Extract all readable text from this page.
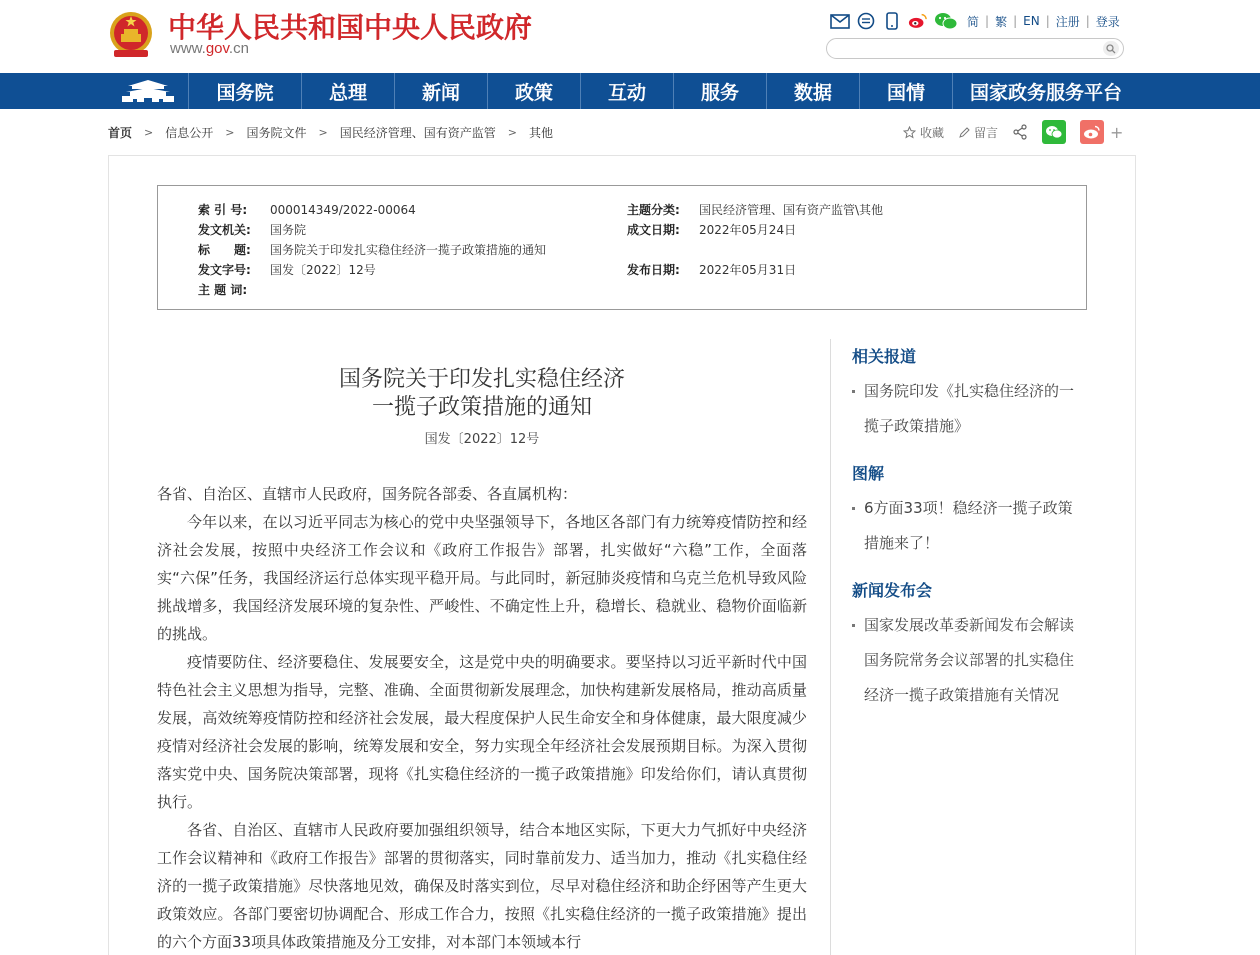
中华人民共和国中央人民政府
www.gov.cn
简 | 繁 | EN | 注册 | 登录
国务院	总理	新闻	政策	互动	服务	数据	国情	国家政务服务平台
首页 > 信息公开 > 国务院文件 > 国民经济管理、国有资产监管 > 其他	收藏	留言	+
索 引 号: 000014349/2022-00064	主题分类: 国民经济管理、国有资产监管\其他
发文机关: 国务院	成文日期: 2022年05月24日
标　　题: 国务院关于印发扎实稳住经济一揽子政策措施的通知
发文字号: 国发〔2022〕12号	发布日期: 2022年05月31日
主 题 词:
国务院关于印发扎实稳住经济
一揽子政策措施的通知
国发〔2022〕12号

各省、自治区、直辖市人民政府，国务院各部委、各直属机构：

今年以来，在以习近平同志为核心的党中央坚强领导下，各地区各部门有力统筹疫情防控和经济社会发展，按照中央经济工作会议和《政府工作报告》部署，扎实做好“六稳”工作，全面落实“六保”任务，我国经济运行总体实现平稳开局。与此同时，新冠肺炎疫情和乌克兰危机导致风险挑战增多，我国经济发展环境的复杂性、严峻性、不确定性上升，稳增长、稳就业、稳物价面临新的挑战。

疫情要防住、经济要稳住、发展要安全，这是党中央的明确要求。要坚持以习近平新时代中国特色社会主义思想为指导，完整、准确、全面贯彻新发展理念，加快构建新发展格局，推动高质量发展，高效统筹疫情防控和经济社会发展，最大程度保护人民生命安全和身体健康，最大限度减少疫情对经济社会发展的影响，统筹发展和安全，努力实现全年经济社会发展预期目标。为深入贯彻落实党中央、国务院决策部署，现将《扎实稳住经济的一揽子政策措施》印发给你们，请认真贯彻执行。

各省、自治区、直辖市人民政府要加强组织领导，结合本地区实际，下更大力气抓好中央经济工作会议精神和《政府工作报告》部署的贯彻落实，同时靠前发力、适当加力，推动《扎实稳住经济的一揽子政策措施》尽快落地见效，确保及时落实到位，尽早对稳住经济和助企纾困等产生更大政策效应。各部门要密切协调配合、形成工作合力，按照《扎实稳住经济的一揽子政策措施》提出的六个方面33项具体政策措施及分工安排，对本部门本领域本行

相关报道
国务院印发《扎实稳住经济的一揽子政策措施》
图解
6方面33项！稳经济一揽子政策措施来了！
新闻发布会
国家发展改革委新闻发布会解读国务院常务会议部署的扎实稳住经济一揽子政策措施有关情况
